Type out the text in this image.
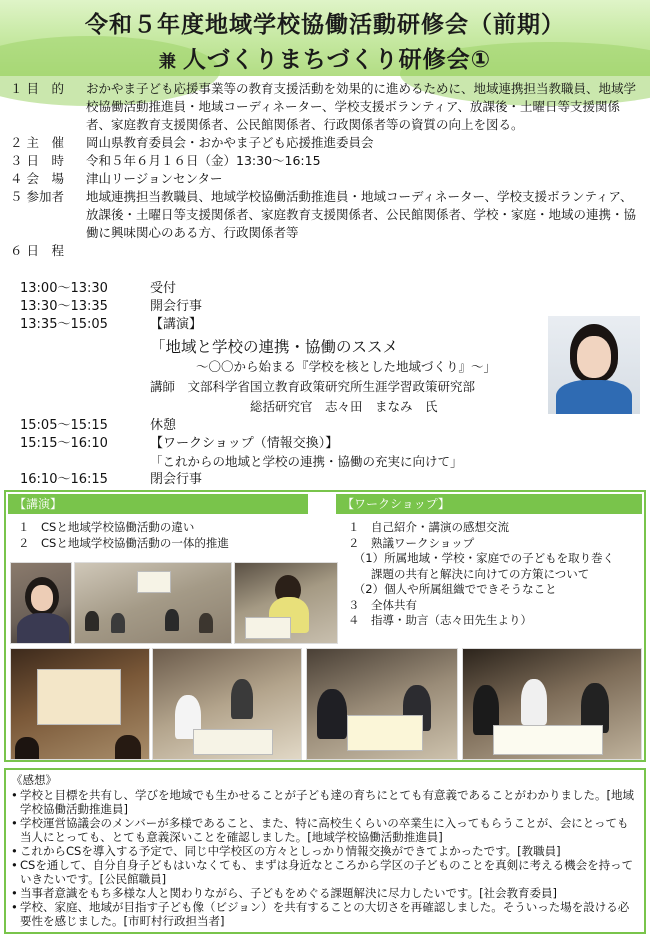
令和５年度地域学校協働活動研修会（前期）
兼 人づくりまちづくり研修会①
１ 目　的	おかやま子ども応援事業等の教育支援活動を効果的に進めるために、地域連携担当教職員、地域学校協働活動推進員・地域コーディネーター、学校支援ボランティア、放課後・土曜日等支援関係者、家庭教育支援関係者、公民館関係者、行政関係者等の資質の向上を図る。
２ 主　催	岡山県教育委員会・おかやま子ども応援推進委員会
３ 日　時	令和５年６月１６日（金）13:30〜16:15
４ 会　場	津山リージョンセンター
５ 参加者	地域連携担当教職員、地域学校協働活動推進員・地域コーディネーター、学校支援ボランティア、放課後・土曜日等支援関係者、家庭教育支援関係者、公民館関係者、学校・家庭・地域の連携・協働に興味関心のある方、行政関係者等
６ 日　程
13:00〜13:30	受付
13:30〜13:35	開会行事
13:35〜15:05	【講演】
「地域と学校の連携・協働のススメ
〜〇〇から始まる『学校を核とした地域づくり』〜」
講師　文部科学省国立教育政策研究所生涯学習政策研究部
総括研究官　志々田　まなみ　氏
15:05〜15:15	休憩
15:15〜16:10	【ワークショップ（情報交換）】
「これからの地域と学校の連携・協働の充実に向けて」
16:10〜16:15	閉会行事
【講演】	【ワークショップ】
１　CSと地域学校協働活動の違い
２　CSと地域学校協働活動の一体的推進
１　自己紹介・講演の感想交流
２　熟議ワークショップ
　（1）所属地域・学校・家庭での子どもを取り巻く
　　課題の共有と解決に向けての方策について
　（2）個人や所属組織でできそうなこと
３　全体共有
４　指導・助言（志々田先生より）
《感想》
• 学校と目標を共有し、学びを地域でも生かせることが子ども達の育ちにとても有意義であることがわかりました。[地域学校協働活動推進員]
• 学校運営協議会のメンバーが多様であること、また、特に高校生くらいの卒業生に入ってもらうことが、会にとっても当人にとっても、とても意義深いことを確認しました。[地域学校協働活動推進員]
• これからCSを導入する予定で、同じ中学校区の方々としっかり情報交換ができてよかったです。[教職員]
• CSを通して、自分自身子どもはいなくても、まずは身近なところから学区の子どものことを真剣に考える機会を持っていきたいです。[公民館職員]
• 当事者意識をもち多様な人と関わりながら、子どもをめぐる課題解決に尽力したいです。[社会教育委員]
• 学校、家庭、地域が目指す子ども像（ビジョン）を共有することの大切さを再確認しました。そういった場を設ける必要性を感じました。[市町村行政担当者]
